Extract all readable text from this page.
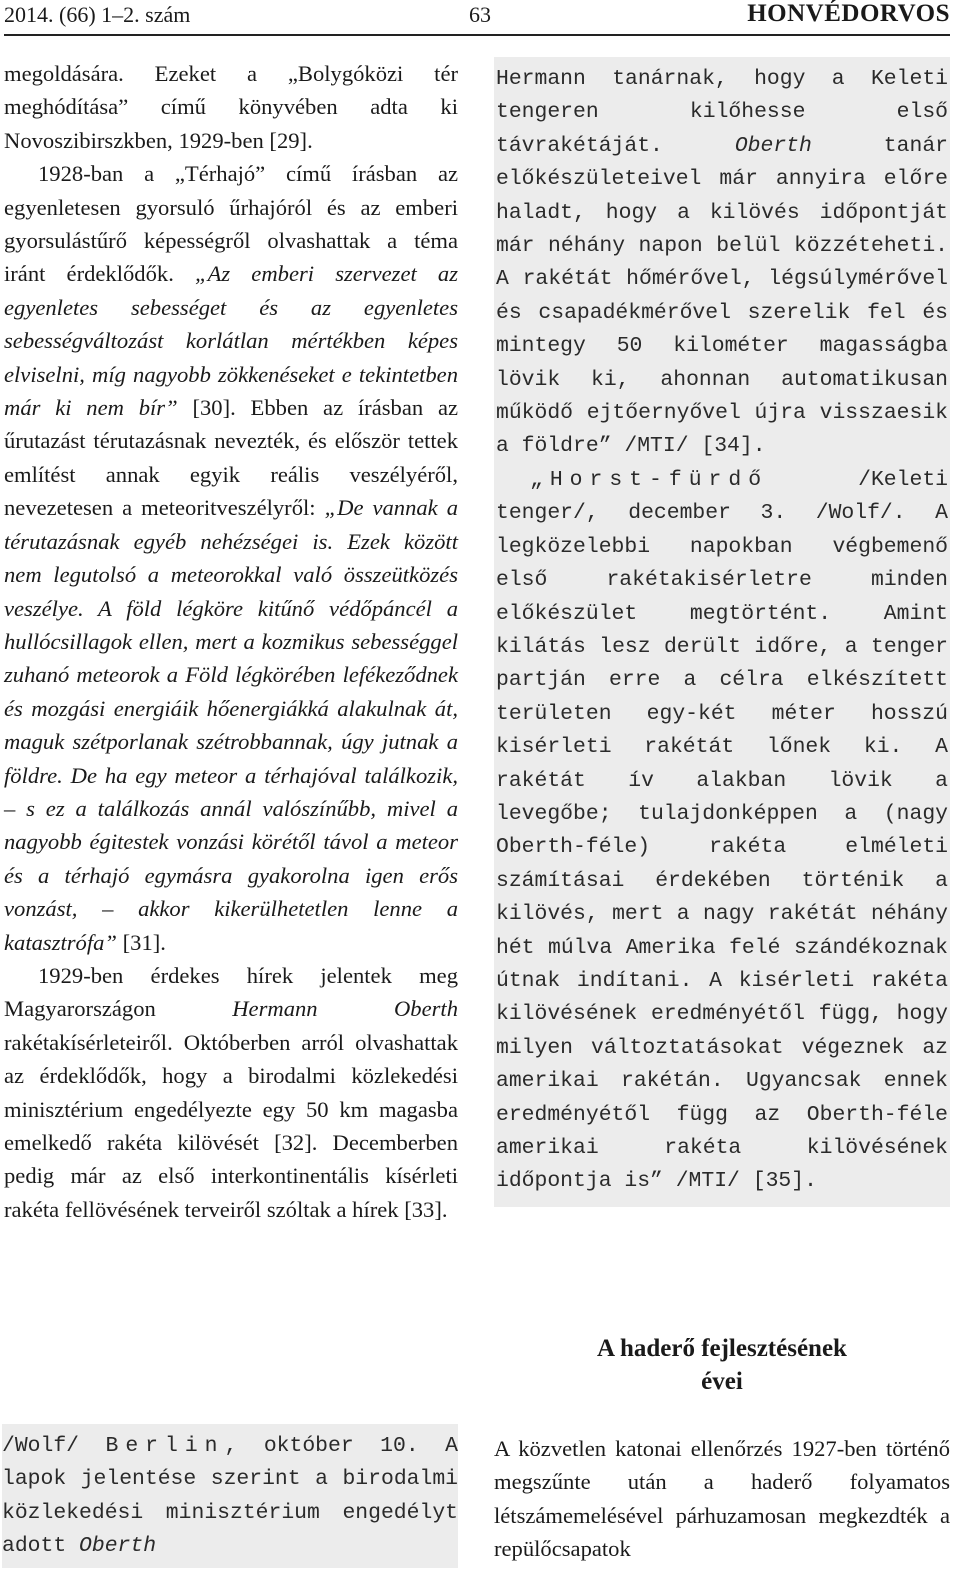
2014. (66) 1–2. szám	63	HONVÉDORVOS

megoldására. Ezeket a „Bolygóközi tér meghódítása” című könyvében adta ki Novoszibirszkben, 1929-ben [29].

1928-ban a „Térhajó” című írásban az egyenletesen gyorsuló űrhajóról és az emberi gyorsulástűrő képességről olvashattak a téma iránt érdeklődők. „Az emberi szervezet az egyenletes sebességet és az egyenletes sebességváltozást korlátlan mértékben képes elviselni, míg nagyobb zökkenéseket e tekintetben már ki nem bír” [30]. Ebben az írásban az űrutazást térutazásnak nevezték, és először tettek említést annak egyik reális veszélyéről, nevezetesen a meteoritveszélyről: „De vannak a térutazásnak egyéb nehézségei is. Ezek között nem legutolsó a meteorokkal való összeütközés veszélye. A föld légköre kitűnő védőpáncél a hullócsillagok ellen, mert a kozmikus sebességgel zuhanó meteorok a Föld légkörében lefékeződnek és mozgási energiáik hőenergiákká alakulnak át, maguk szétporlanak szétrobbannak, úgy jutnak a földre. De ha egy meteor a térhajóval találkozik, – s ez a találkozás annál valószínűbb, mivel a nagyobb égitestek vonzási körétől távol a meteor és a térhajó egymásra gyakorolna igen erős vonzást, – akkor kikerülhetetlen lenne a katasztrófa” [31].

1929-ben érdekes hírek jelentek meg Magyarországon Hermann Oberth rakétakísérleteiről. Októberben arról olvashattak az érdeklődők, hogy a birodalmi közlekedési minisztérium engedélyezte egy 50 km magasba emelkedő rakéta kilövését [32]. Decemberben pedig már az első interkontinentális kísérleti rakéta fellövésének terveiről szóltak a hírek [33].

/Wolf/ Berlin, október 10. A lapok jelentése szerint a birodalmi közlekedési minisztérium engedélyt adott Oberth

Hermann tanárnak, hogy a Keleti tengeren kilőhesse első távrakétáját. Oberth tanár előkészületeivel már annyira előre haladt, hogy a kilövés időpontját már néhány napon belül közzéteheti. A rakétát hőmérővel, légsúlymérővel és csapadékmérővel szerelik fel és mintegy 50 kilométer magasságba lövik ki, ahonnan automatikusan működő ejtőernyővel újra visszaesik a földre” /MTI/ [34].

„Horst-fürdő /Keleti tenger/, december 3. /Wolf/. A legközelebbi napokban végbemenő első rakétakisérletre minden előkészület megtörtént. Amint kilátás lesz derült időre, a tenger partján erre a célra elkészített területen egy-két méter hosszú kisérleti rakétát lőnek ki. A rakétát ív alakban lövik a levegőbe; tulajdonképpen a (nagy Oberth-féle) rakéta elméleti számításai érdekében történik a kilövés, mert a nagy rakétát néhány hét múlva Amerika felé szándékoznak útnak indítani. A kisérleti rakéta kilövésének eredményétől függ, hogy milyen változtatásokat végeznek az amerikai rakétán. Ugyancsak ennek eredményétől függ az Oberth-féle amerikai rakéta kilövésének időpontja is” /MTI/ [35].

A haderő fejlesztésének
évei

A közvetlen katonai ellenőrzés 1927-ben történő megszűnte után a haderő folyamatos létszámemelésével párhuzamosan megkezdték a repülőcsapatok
